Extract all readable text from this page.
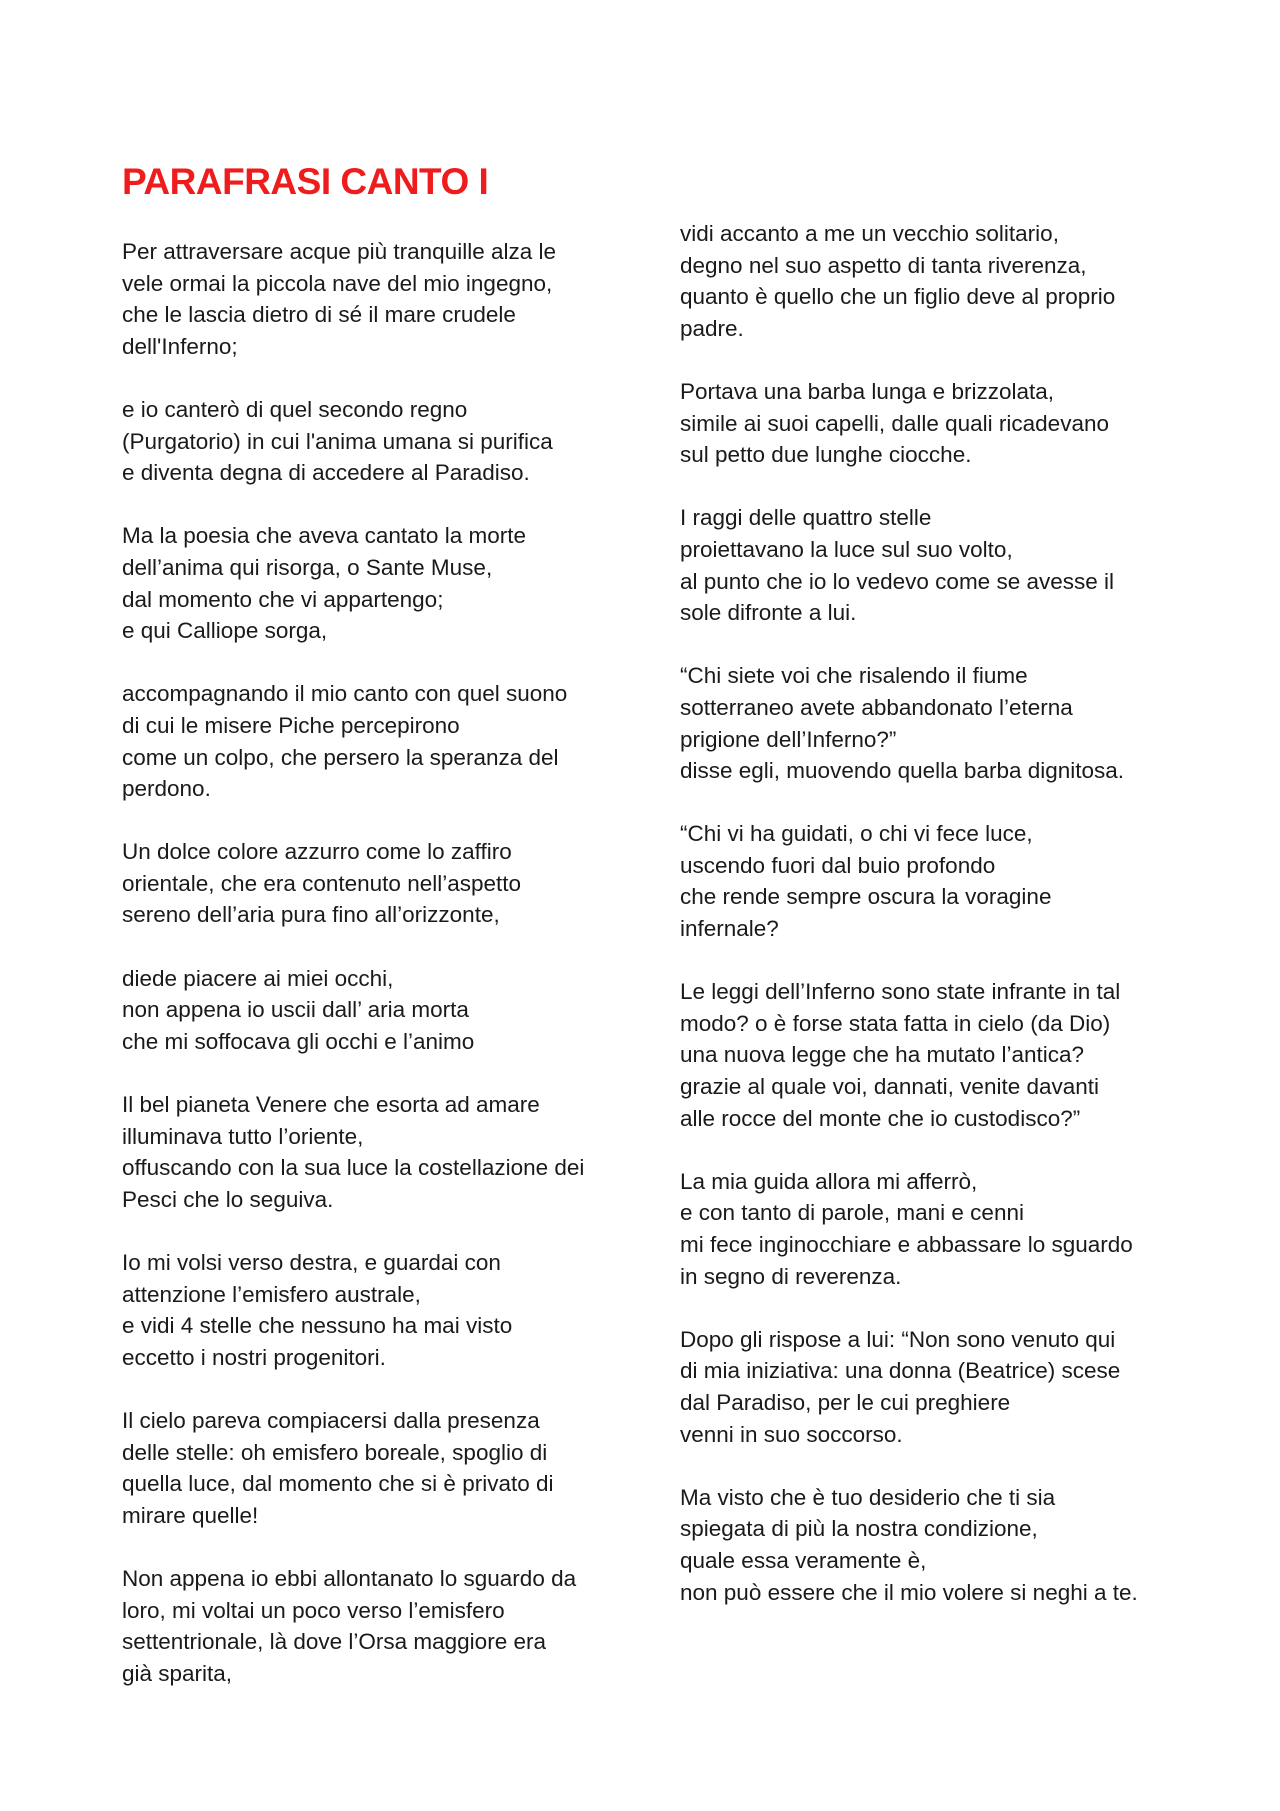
PARAFRASI CANTO I

Per attraversare acque più tranquille alza le
vele ormai la piccola nave del mio ingegno,
che le lascia dietro di sé il mare crudele
dell'Inferno;

e io canterò di quel secondo regno
(Purgatorio) in cui l'anima umana si purifica
e diventa degna di accedere al Paradiso.

Ma la poesia che aveva cantato la morte
dell’anima qui risorga, o Sante Muse,
dal momento che vi appartengo;
e qui Calliope sorga,

accompagnando il mio canto con quel suono
di cui le misere Piche percepirono
come un colpo, che persero la speranza del
perdono.

Un dolce colore azzurro come lo zaffiro
orientale, che era contenuto nell’aspetto
sereno dell’aria pura fino all’orizzonte,

diede piacere ai miei occhi,
non appena io uscii dall’ aria morta
che mi soffocava gli occhi e l’animo

Il bel pianeta Venere che esorta ad amare
illuminava tutto l’oriente,
offuscando con la sua luce la costellazione dei
Pesci che lo seguiva.

Io mi volsi verso destra, e guardai con
attenzione l’emisfero australe,
e vidi 4 stelle che nessuno ha mai visto
eccetto i nostri progenitori.

Il cielo pareva compiacersi dalla presenza
delle stelle: oh emisfero boreale, spoglio di
quella luce, dal momento che si è privato di
mirare quelle!

Non appena io ebbi allontanato lo sguardo da
loro, mi voltai un poco verso l’emisfero
settentrionale, là dove l’Orsa maggiore era
già sparita,

vidi accanto a me un vecchio solitario,
degno nel suo aspetto di tanta riverenza,
quanto è quello che un figlio deve al proprio
padre.

Portava una barba lunga e brizzolata,
simile ai suoi capelli, dalle quali ricadevano
sul petto due lunghe ciocche.

I raggi delle quattro stelle
proiettavano la luce sul suo volto,
al punto che io lo vedevo come se avesse il
sole difronte a lui.

“Chi siete voi che risalendo il fiume
sotterraneo avete abbandonato l’eterna
prigione dell’Inferno?”
disse egli, muovendo quella barba dignitosa.

“Chi vi ha guidati, o chi vi fece luce,
uscendo fuori dal buio profondo
che rende sempre oscura la voragine
infernale?

Le leggi dell’Inferno sono state infrante in tal
modo? o è forse stata fatta in cielo (da Dio)
una nuova legge che ha mutato l’antica?
grazie al quale voi, dannati, venite davanti
alle rocce del monte che io custodisco?”

La mia guida allora mi afferrò,
e con tanto di parole, mani e cenni
mi fece inginocchiare e abbassare lo sguardo
in segno di reverenza.

Dopo gli rispose a lui: “Non sono venuto qui
di mia iniziativa: una donna (Beatrice) scese
dal Paradiso, per le cui preghiere
venni in suo soccorso.

Ma visto che è tuo desiderio che ti sia
spiegata di più la nostra condizione,
quale essa veramente è,
non può essere che il mio volere si neghi a te.
